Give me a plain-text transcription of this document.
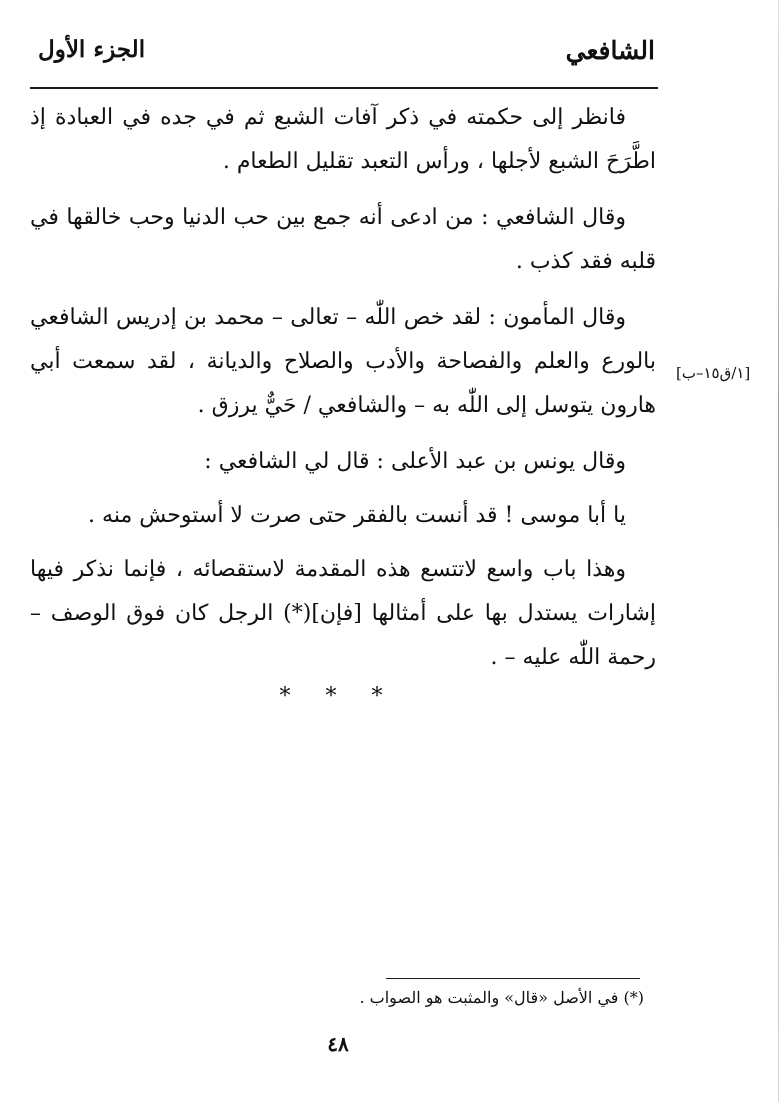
الشافعي
الجزء الأول

فانظر إلى حكمته في ذكر آفات الشبع ثم في جده في العبادة إذ اطَّرَحَ الشبع لأجلها ، ورأس التعبد تقليل الطعام .

وقال الشافعي : من ادعى أنه جمع بين حب الدنيا وحب خالقها في قلبه فقد كذب .

وقال المأمون : لقد خص اللّٰه – تعالى – محمد بن إدريس الشافعي بالورع والعلم والفصاحة والأدب والصلاح والديانة ، لقد سمعت أبي هارون يتوسل إلى اللّٰه به – والشافعي / حَيٌّ يرزق .

وقال يونس بن عبد الأعلى : قال لي الشافعي :

يا أبا موسى ! قد أنست بالفقر حتى صرت لا أستوحش منه .

وهذا باب واسع لاتتسع هذه المقدمة لاستقصائه ، فإنما نذكر فيها إشارات يستدل بها على أمثالها [فإن](*) الرجل كان فوق الوصف – رحمة اللّٰه عليه – .

[١/ق١٥–ب]
* * *
(*) في الأصل «قال» والمثبت هو الصواب .
٤٨
